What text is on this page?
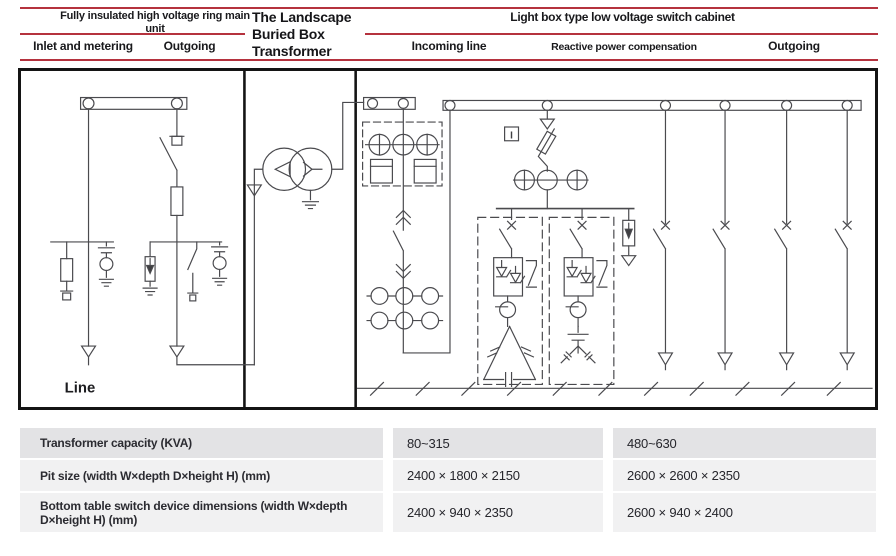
Fully insulated high voltage ring main unit
Inlet and metering	Outgoing
The Landscape
Buried Box
Transformer
Light box type low voltage switch cabinet
Incoming line	Reactive power compensation	Outgoing
Line
I
Transformer capacity (KVA)	80~315	480~630
Pit size (width W×depth D×height H) (mm)	2400 × 1800 × 2150	2600 × 2600 × 2350
Bottom table switch device dimensions (width W×depth D×height H) (mm)	2400 × 940 × 2350	2600 × 940 × 2400
